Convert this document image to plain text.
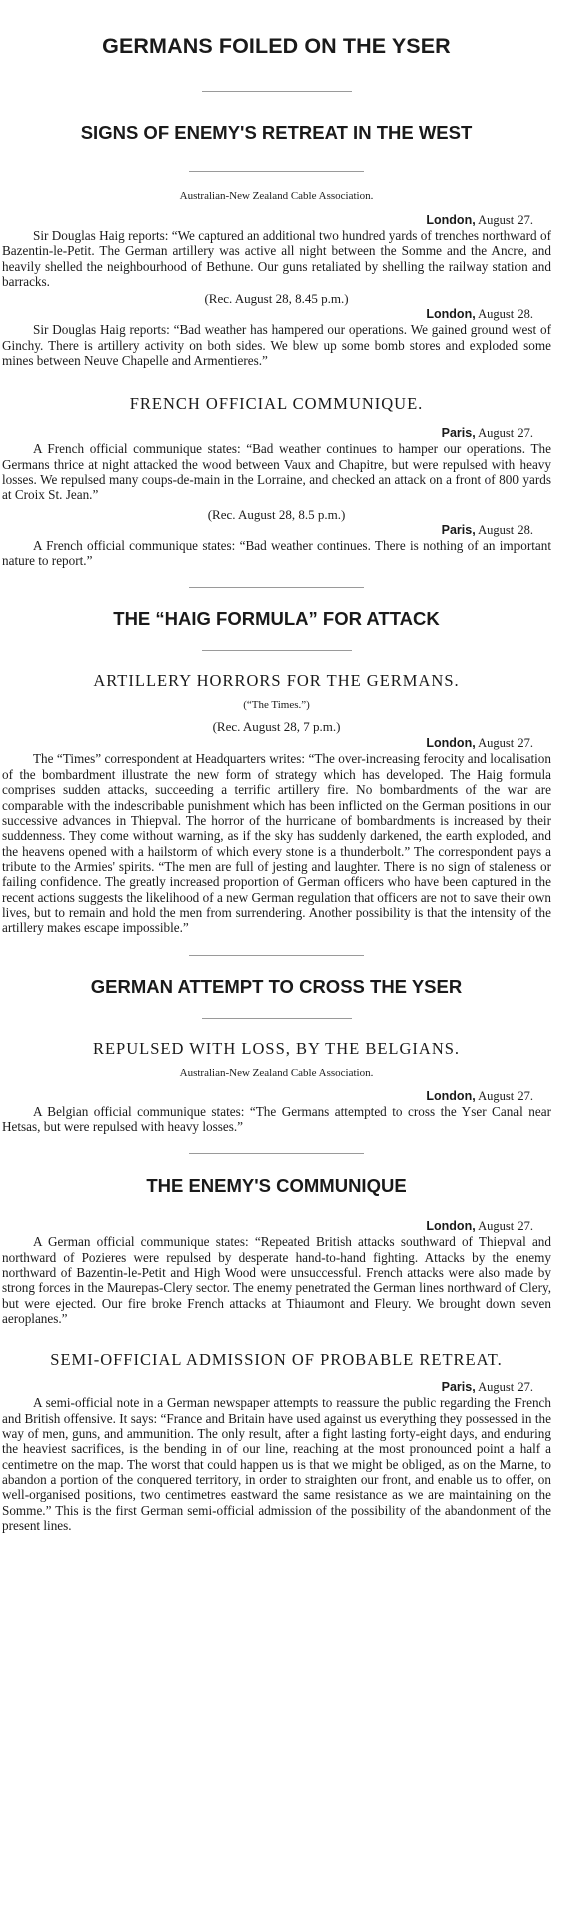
GERMANS FOILED ON THE YSER
SIGNS OF ENEMY'S RETREAT IN THE WEST

Australian-New Zealand Cable Association.

London, August 27.

Sir Douglas Haig reports: “We captured an additional two hundred yards of trenches northward of Bazentin-le-Petit. The German artillery was active all night between the Somme and the Ancre, and heavily shelled the neighbourhood of Bethune. Our guns retaliated by shelling the railway station and barracks.

(Rec. August 28, 8.45 p.m.)

London, August 28.

Sir Douglas Haig reports: “Bad weather has hampered our operations. We gained ground west of Ginchy. There is artillery activity on both sides. We blew up some bomb stores and exploded some mines between Neuve Chapelle and Armentieres.”

FRENCH OFFICIAL COMMUNIQUE.

Paris, August 27.

A French official communique states: “Bad weather continues to hamper our operations. The Germans thrice at night attacked the wood between Vaux and Chapitre, but were repulsed with heavy losses. We repulsed many coups-de-main in the Lorraine, and checked an attack on a front of 800 yards at Croix St. Jean.”

(Rec. August 28, 8.5 p.m.)

Paris, August 28.

A French official communique states: “Bad weather continues. There is nothing of an important nature to report.”

THE “HAIG FORMULA” FOR ATTACK
ARTILLERY HORRORS FOR THE GERMANS.

(“The Times.”)

(Rec. August 28, 7 p.m.)

London, August 27.

The “Times” correspondent at Headquarters writes: “The over-increasing ferocity and localisation of the bombardment illustrate the new form of strategy which has developed. The Haig formula comprises sudden attacks, succeeding a terrific artillery fire. No bombardments of the war are comparable with the indescribable punishment which has been inflicted on the German positions in our successive advances in Thiepval. The horror of the hurricane of bombardments is increased by their suddenness. They come without warning, as if the sky has suddenly darkened, the earth exploded, and the heavens opened with a hailstorm of which every stone is a thunderbolt.” The correspondent pays a tribute to the Armies' spirits. “The men are full of jesting and laughter. There is no sign of staleness or failing confidence. The greatly increased proportion of German officers who have been captured in the recent actions suggests the likelihood of a new German regulation that officers are not to save their own lives, but to remain and hold the men from surrendering. Another possibility is that the intensity of the artillery makes escape impossible.”

GERMAN ATTEMPT TO CROSS THE YSER
REPULSED WITH LOSS, BY THE BELGIANS.

Australian-New Zealand Cable Association.

London, August 27.

A Belgian official communique states: “The Germans attempted to cross the Yser Canal near Hetsas, but were repulsed with heavy losses.”

THE ENEMY'S COMMUNIQUE

London, August 27.

A German official communique states: “Repeated British attacks southward of Thiepval and northward of Pozieres were repulsed by desperate hand-to-hand fighting. Attacks by the enemy northward of Bazentin-le-Petit and High Wood were unsuccessful. French attacks were also made by strong forces in the Maurepas-Clery sector. The enemy penetrated the German lines northward of Clery, but were ejected. Our fire broke French attacks at Thiaumont and Fleury. We brought down seven aeroplanes.”

SEMI-OFFICIAL ADMISSION OF PROBABLE RETREAT.

Paris, August 27.

A semi-official note in a German newspaper attempts to reassure the public regarding the French and British offensive. It says: “France and Britain have used against us everything they possessed in the way of men, guns, and ammunition. The only result, after a fight lasting forty-eight days, and enduring the heaviest sacrifices, is the bending in of our line, reaching at the most pronounced point a half a centimetre on the map. The worst that could happen us is that we might be obliged, as on the Marne, to abandon a portion of the conquered territory, in order to straighten our front, and enable us to offer, on well-organised positions, two centimetres eastward the same resistance as we are maintaining on the Somme.” This is the first German semi-official admission of the possibility of the abandonment of the present lines.
